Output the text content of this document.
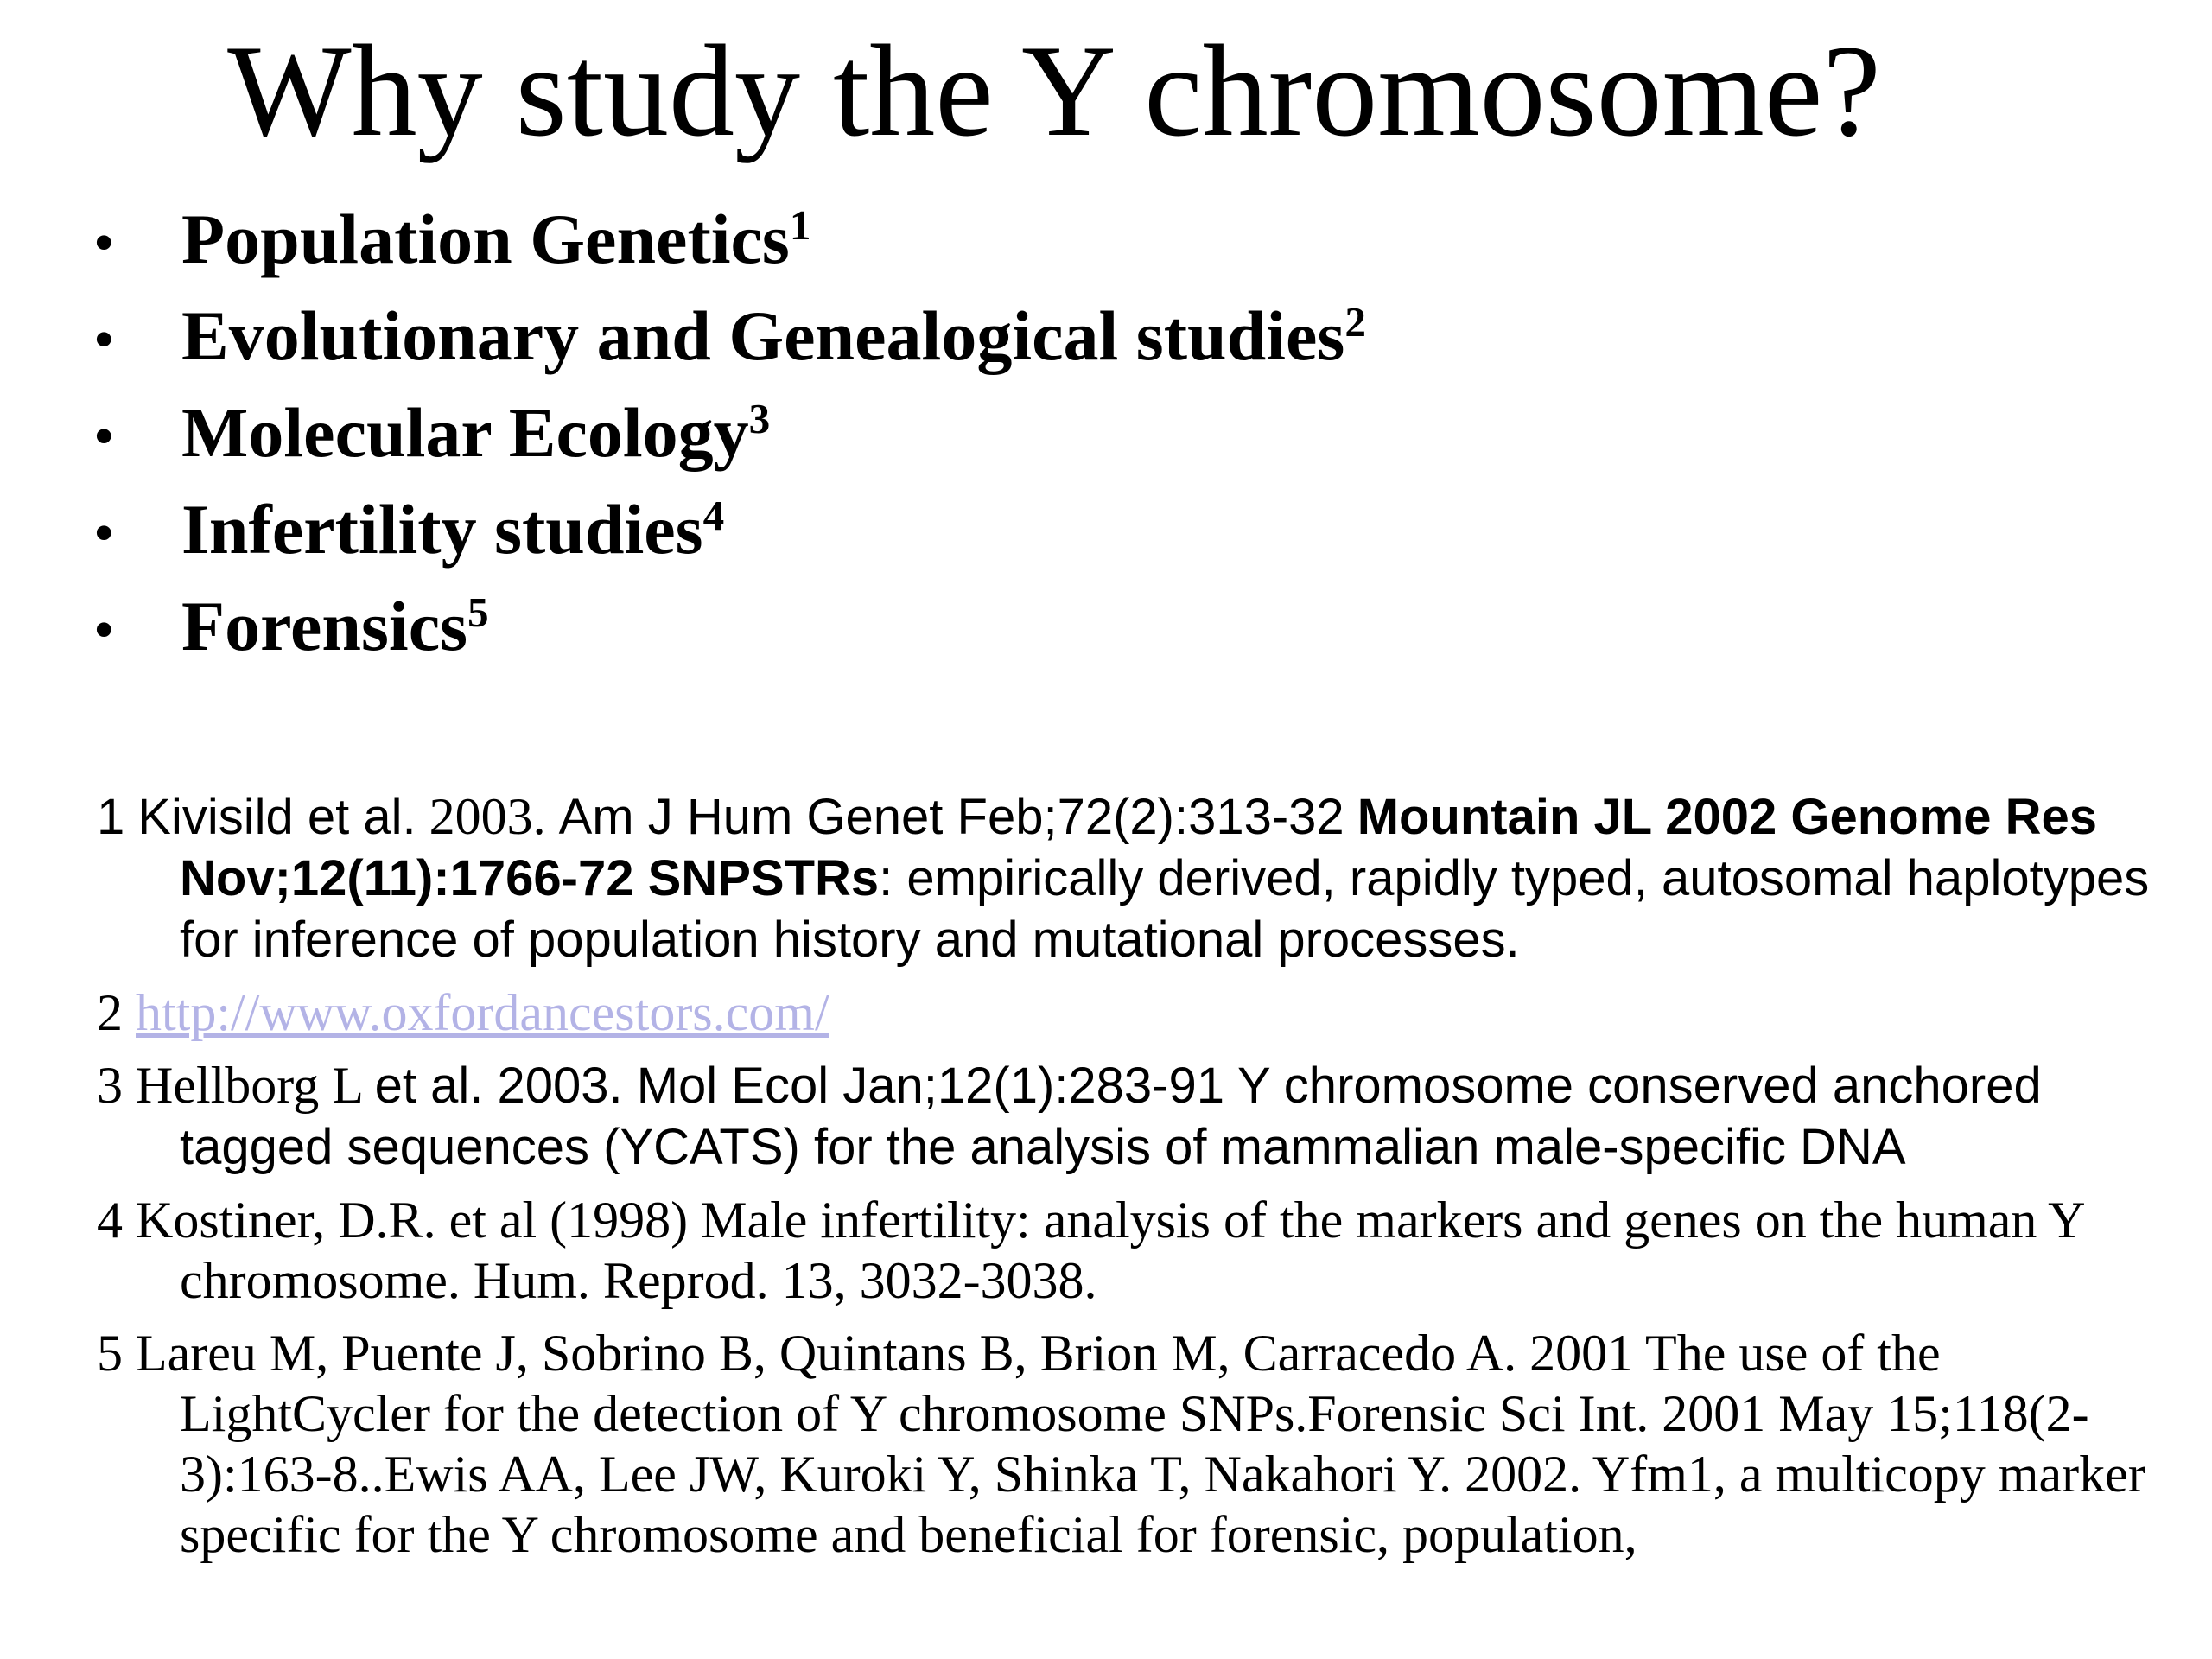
Why study the Y chromosome?
• Population Genetics$^1$
• Evolutionary and Genealogical studies$^2$
• Molecular Ecology$^3$
• Infertility studies$^4$
• Forensics$^5$
1 Kivisild et al. 2003. Am J Hum Genet Feb;72(2):313-32 Mountain JL 2002 Genome Res Nov;12(11):1766-72 SNPSTRs: empirically derived, rapidly typed, autosomal haplotypes for inference of population history and mutational processes.
2 http://www.oxfordancestors.com/
3 Hellborg L et al. 2003. Mol Ecol Jan;12(1):283-91 Y chromosome conserved anchored tagged sequences (YCATS) for the analysis of mammalian male-specific DNA
4 Kostiner, D.R. et al (1998) Male infertility: analysis of the markers and genes on the human Y chromosome. Hum. Reprod. 13, 3032-3038.
5 Lareu M, Puente J, Sobrino B, Quintans B, Brion M, Carracedo A. 2001 The use of the LightCycler for the detection of Y chromosome SNPs.Forensic Sci Int. 2001 May 15;118(2-3):163-8..Ewis AA, Lee JW, Kuroki Y, Shinka T, Nakahori Y. 2002. Yfm1, a multicopy marker specific for the Y chromosome and beneficial for forensic, population,
